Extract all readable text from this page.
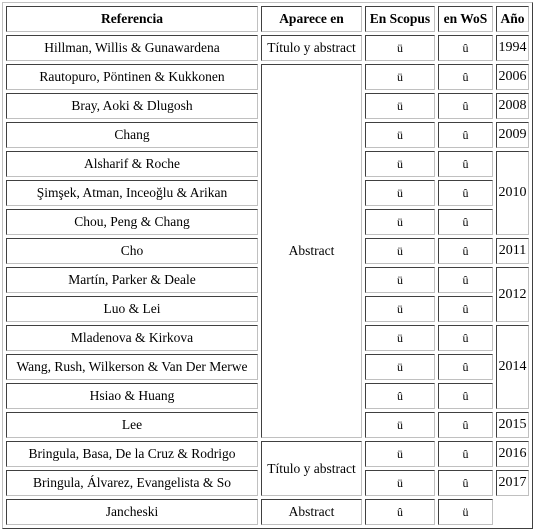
Referencia	Aparece en	En Scopus	en WoS	Año
Hillman, Willis & Gunawardena	Título y abstract	ü	û	1994
Rautopuro, Pöntinen & Kukkonen	Abstract	ü	û	2006
Bray, Aoki & Dlugosh		ü	û	2008
Chang		ü	û	2009
Alsharif & Roche		ü	û	2010
Şimşek, Atman, Inceoğlu & Arikan		ü	û	
Chou, Peng & Chang		ü	û	
Cho		ü	û	2011
Martín, Parker & Deale		ü	û	2012
Luo & Lei		ü	û	
Mladenova & Kirkova		ü	û	2014
Wang, Rush, Wilkerson & Van Der Merwe		ü	û	
Hsiao & Huang		û	û	
Lee		ü	û	2015
Bringula, Basa, De la Cruz & Rodrigo	Título y abstract	ü	û	2016
Bringula, Álvarez, Evangelista & So		ü	û	2017
Jancheski	Abstract	û	ü	
